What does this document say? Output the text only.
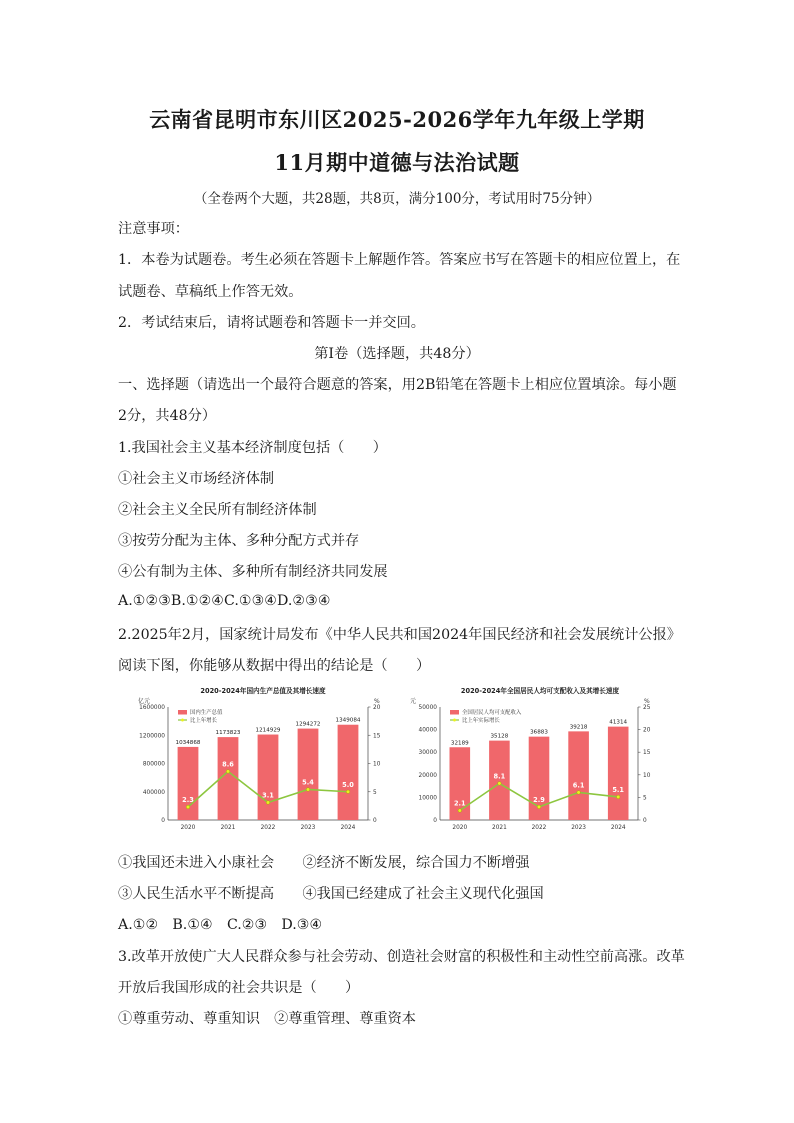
云南省昆明市东川区2025-2026学年九年级上学期
11月期中道德与法治试题
（全卷两个大题，共28题，共8页，满分100分，考试用时75分钟）
注意事项：
1．本卷为试题卷。考生必须在答题卡上解题作答。答案应书写在答题卡的相应位置上，在
试题卷、草稿纸上作答无效。
2．考试结束后，请将试题卷和答题卡一并交回。
第Ⅰ卷（选择题，共48分）
一、选择题（请选出一个最符合题意的答案，用2B铅笔在答题卡上相应位置填涂。每小题
2分，共48分）
1.我国社会主义基本经济制度包括（　　）
①社会主义市场经济体制
②社会主义全民所有制经济体制
③按劳分配为主体、多种分配方式并存
④公有制为主体、多种所有制经济共同发展
A.①②③B.①②④C.①③④D.②③④
2.2025年2月，国家统计局发布《中华人民共和国2024年国民经济和社会发展统计公报》
阅读下图，你能够从数据中得出的结论是（　　）
2020-2024年国内生产总值及其增长速度
亿元	%
0
400000
800000
1200000
1600000
0
5
10
15
20
1034868
2020
1173823
2021
1214929
2022
1294272
2023
1349084
2024
2.3
8.6
3.1
5.4	5.0
国内生产总值
比上年增长
2020-2024年全国居民人均可支配收入及其增长速度
元	%
0
10000
20000
30000
40000
50000
0
5
10
15
20
25
32189
2020
35128
2021
36883
2022
39218
2023
41314
2024
2.1
8.1
2.9
6.1
5.1
全国居民人均可支配收入
比上年实际增长
①我国还未进入小康社会　　②经济不断发展，综合国力不断增强
③人民生活水平不断提高　　④我国已经建成了社会主义现代化强国
A.①②　B.①④　C.②③　D.③④
3.改革开放使广大人民群众参与社会劳动、创造社会财富的积极性和主动性空前高涨。改革
开放后我国形成的社会共识是（　　）
①尊重劳动、尊重知识　②尊重管理、尊重资本
